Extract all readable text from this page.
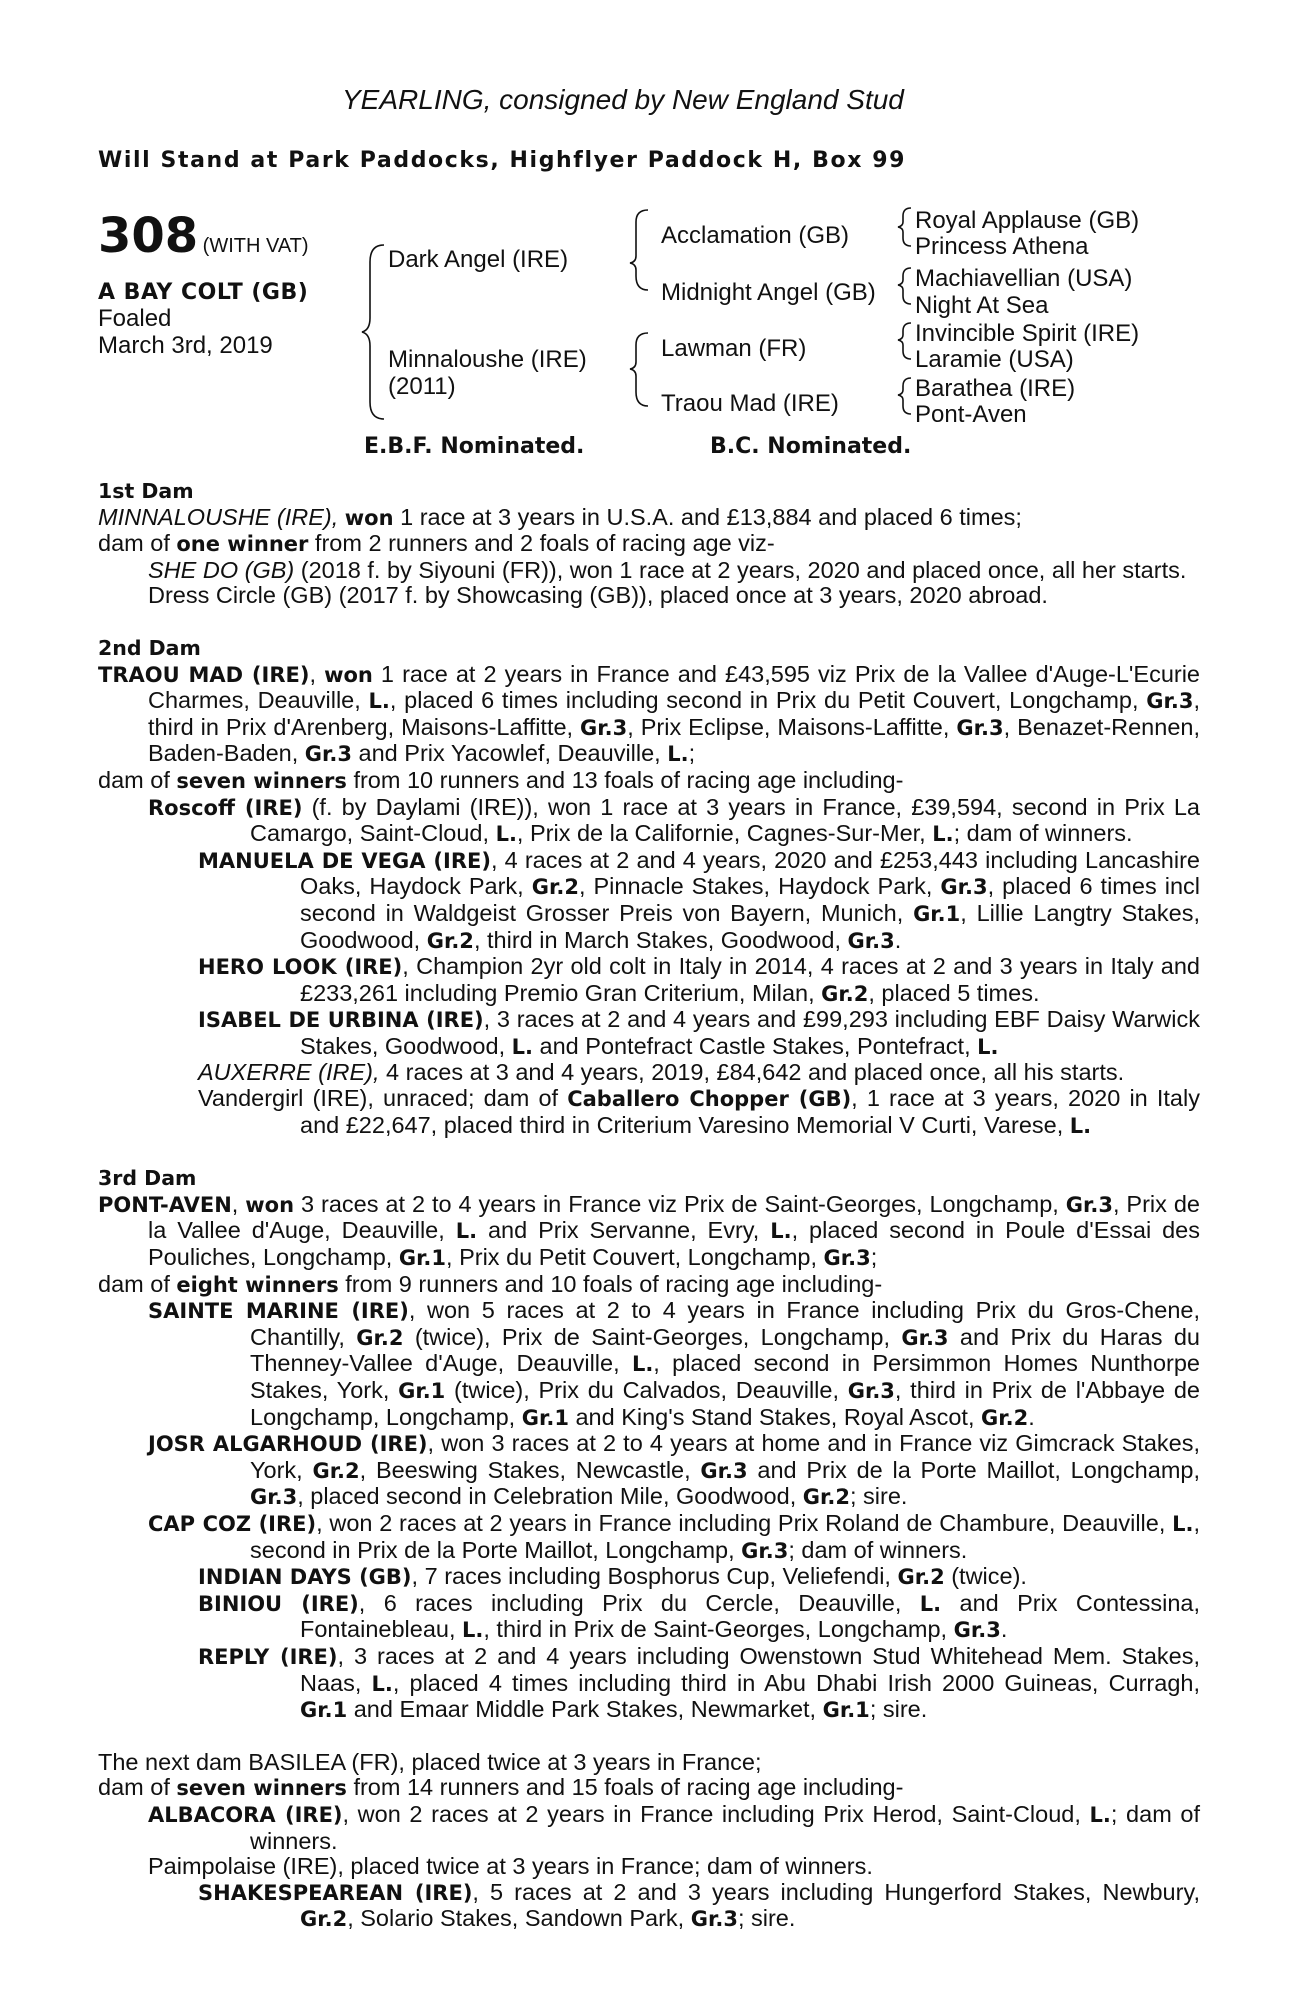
YEARLING, consigned by New England Stud
Will Stand at Park Paddocks, Highflyer Paddock H, Box 99
308 (WITH VAT)
A BAY COLT (GB)
Foaled
March 3rd, 2019
Dark Angel (IRE)
Minnaloushe (IRE)
(2011)
Acclamation (GB)
Midnight Angel (GB)
Lawman (FR)
Traou Mad (IRE)
Royal Applause (GB)
Princess Athena
Machiavellian (USA)
Night At Sea
Invincible Spirit (IRE)
Laramie (USA)
Barathea (IRE)
Pont-Aven
E.B.F. Nominated.	B.C. Nominated.

1st Dam

MINNALOUSHE (IRE), won 1 race at 3 years in U.S.A. and £13,884 and placed 6 times;

dam of one winner from 2 runners and 2 foals of racing age viz-

SHE DO (GB) (2018 f. by Siyouni (FR)), won 1 race at 2 years, 2020 and placed once, all her starts.

Dress Circle (GB) (2017 f. by Showcasing (GB)), placed once at 3 years, 2020 abroad.

2nd Dam

TRAOU MAD (IRE), won 1 race at 2 years in France and £43,595 viz Prix de la Vallee d'Auge-L'Ecurie Charmes, Deauville, L., placed 6 times including second in Prix du Petit Couvert, Longchamp, Gr.3, third in Prix d'Arenberg, Maisons-Laffitte, Gr.3, Prix Eclipse, Maisons-Laffitte, Gr.3, Benazet-Rennen, Baden-Baden, Gr.3 and Prix Yacowlef, Deauville, L.;

dam of seven winners from 10 runners and 13 foals of racing age including-

Roscoff (IRE) (f. by Daylami (IRE)), won 1 race at 3 years in France, £39,594, second in Prix La Camargo, Saint-Cloud, L., Prix de la Californie, Cagnes-Sur-Mer, L.; dam of winners.

MANUELA DE VEGA (IRE), 4 races at 2 and 4 years, 2020 and £253,443 including Lancashire Oaks, Haydock Park, Gr.2, Pinnacle Stakes, Haydock Park, Gr.3, placed 6 times incl second in Waldgeist Grosser Preis von Bayern, Munich, Gr.1, Lillie Langtry Stakes, Goodwood, Gr.2, third in March Stakes, Goodwood, Gr.3.

HERO LOOK (IRE), Champion 2yr old colt in Italy in 2014, 4 races at 2 and 3 years in Italy and £233,261 including Premio Gran Criterium, Milan, Gr.2, placed 5 times.

ISABEL DE URBINA (IRE), 3 races at 2 and 4 years and £99,293 including EBF Daisy Warwick Stakes, Goodwood, L. and Pontefract Castle Stakes, Pontefract, L.

AUXERRE (IRE), 4 races at 3 and 4 years, 2019, £84,642 and placed once, all his starts.

Vandergirl (IRE), unraced; dam of Caballero Chopper (GB), 1 race at 3 years, 2020 in Italy and £22,647, placed third in Criterium Varesino Memorial V Curti, Varese, L.

3rd Dam

PONT-AVEN, won 3 races at 2 to 4 years in France viz Prix de Saint-Georges, Longchamp, Gr.3, Prix de la Vallee d'Auge, Deauville, L. and Prix Servanne, Evry, L., placed second in Poule d'Essai des Pouliches, Longchamp, Gr.1, Prix du Petit Couvert, Longchamp, Gr.3;

dam of eight winners from 9 runners and 10 foals of racing age including-

SAINTE MARINE (IRE), won 5 races at 2 to 4 years in France including Prix du Gros-Chene, Chantilly, Gr.2 (twice), Prix de Saint-Georges, Longchamp, Gr.3 and Prix du Haras du Thenney-Vallee d'Auge, Deauville, L., placed second in Persimmon Homes Nunthorpe Stakes, York, Gr.1 (twice), Prix du Calvados, Deauville, Gr.3, third in Prix de l'Abbaye de Longchamp, Longchamp, Gr.1 and King's Stand Stakes, Royal Ascot, Gr.2.

JOSR ALGARHOUD (IRE), won 3 races at 2 to 4 years at home and in France viz Gimcrack Stakes, York, Gr.2, Beeswing Stakes, Newcastle, Gr.3 and Prix de la Porte Maillot, Longchamp, Gr.3, placed second in Celebration Mile, Goodwood, Gr.2; sire.

CAP COZ (IRE), won 2 races at 2 years in France including Prix Roland de Chambure, Deauville, L., second in Prix de la Porte Maillot, Longchamp, Gr.3; dam of winners.

INDIAN DAYS (GB), 7 races including Bosphorus Cup, Veliefendi, Gr.2 (twice).

BINIOU (IRE), 6 races including Prix du Cercle, Deauville, L. and Prix Contessina, Fontainebleau, L., third in Prix de Saint-Georges, Longchamp, Gr.3.

REPLY (IRE), 3 races at 2 and 4 years including Owenstown Stud Whitehead Mem. Stakes, Naas, L., placed 4 times including third in Abu Dhabi Irish 2000 Guineas, Curragh, Gr.1 and Emaar Middle Park Stakes, Newmarket, Gr.1; sire.

The next dam BASILEA (FR), placed twice at 3 years in France;

dam of seven winners from 14 runners and 15 foals of racing age including-

ALBACORA (IRE), won 2 races at 2 years in France including Prix Herod, Saint-Cloud, L.; dam of winners.

Paimpolaise (IRE), placed twice at 3 years in France; dam of winners.

SHAKESPEAREAN (IRE), 5 races at 2 and 3 years including Hungerford Stakes, Newbury, Gr.2, Solario Stakes, Sandown Park, Gr.3; sire.
